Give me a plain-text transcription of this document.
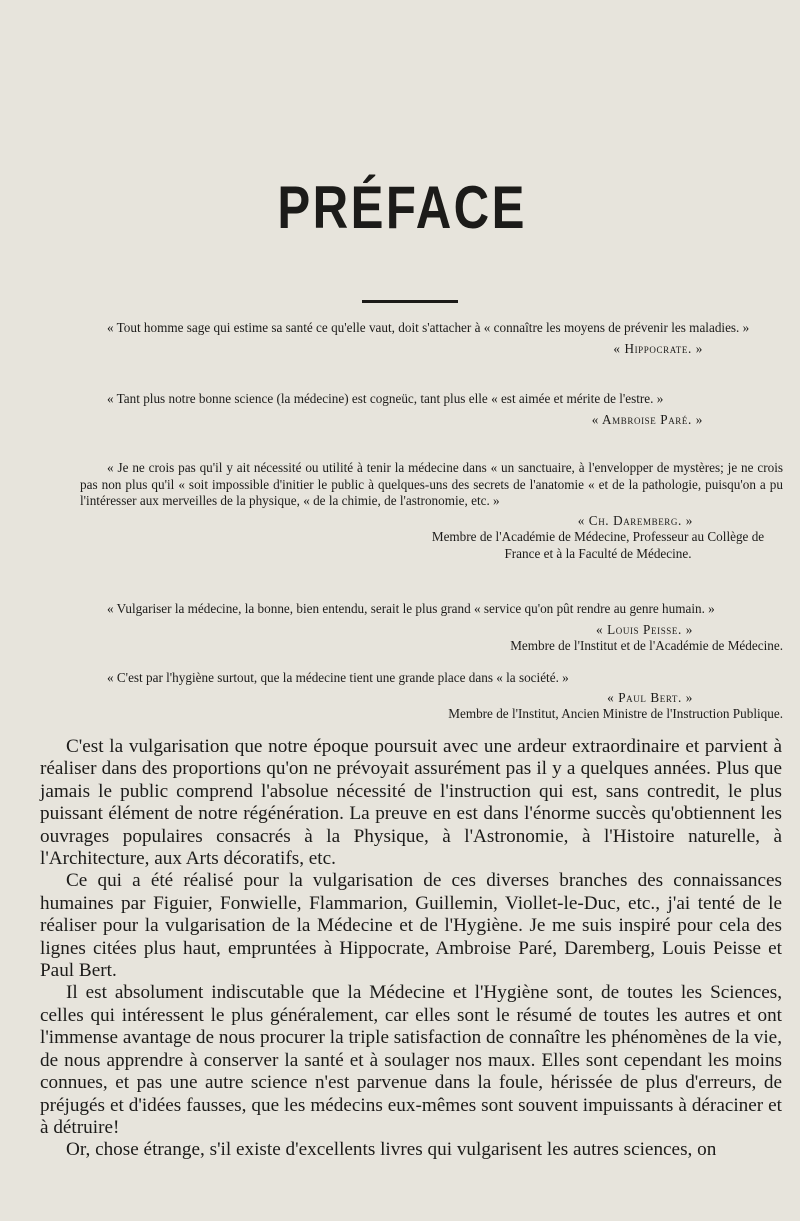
PRÉFACE

« Tout homme sage qui estime sa santé ce qu'elle vaut, doit s'attacher à « connaître les moyens de prévenir les maladies. »

« Hippocrate. »

« Tant plus notre bonne science (la médecine) est cogneüc, tant plus elle « est aimée et mérite de l'estre. »

« Ambroise Paré. »

« Je ne crois pas qu'il y ait nécessité ou utilité à tenir la médecine dans « un sanctuaire, à l'envelopper de mystères; je ne crois pas non plus qu'il « soit impossible d'initier le public à quelques-uns des secrets de l'anatomie « et de la pathologie, puisqu'on a pu l'intéresser aux merveilles de la physique, « de la chimie, de l'astronomie, etc. »

« Ch. Daremberg. »
Membre de l'Académie de Médecine, Professeur au Collège de France et à la Faculté de Médecine.

« Vulgariser la médecine, la bonne, bien entendu, serait le plus grand « service qu'on pût rendre au genre humain. »

« Louis Peisse. »
Membre de l'Institut et de l'Académie de Médecine.

« C'est par l'hygiène surtout, que la médecine tient une grande place dans « la société. »

« Paul Bert. »
Membre de l'Institut, Ancien Ministre de l'Instruction Publique.

C'est la vulgarisation que notre époque poursuit avec une ardeur extraordinaire et parvient à réaliser dans des proportions qu'on ne prévoyait assurément pas il y a quelques années. Plus que jamais le public comprend l'absolue nécessité de l'instruction qui est, sans contredit, le plus puissant élément de notre régénération. La preuve en est dans l'énorme succès qu'obtiennent les ouvrages populaires consacrés à la Physique, à l'Astronomie, à l'Histoire naturelle, à l'Architecture, aux Arts décoratifs, etc.

Ce qui a été réalisé pour la vulgarisation de ces diverses branches des connaissances humaines par Figuier, Fonwielle, Flammarion, Guillemin, Viollet-le-Duc, etc., j'ai tenté de le réaliser pour la vulgarisation de la Médecine et de l'Hygiène. Je me suis inspiré pour cela des lignes citées plus haut, empruntées à Hippocrate, Ambroise Paré, Daremberg, Louis Peisse et Paul Bert.

Il est absolument indiscutable que la Médecine et l'Hygiène sont, de toutes les Sciences, celles qui intéressent le plus généralement, car elles sont le résumé de toutes les autres et ont l'immense avantage de nous procurer la triple satisfaction de connaître les phénomènes de la vie, de nous apprendre à conserver la santé et à soulager nos maux. Elles sont cependant les moins connues, et pas une autre science n'est parvenue dans la foule, hérissée de plus d'erreurs, de préjugés et d'idées fausses, que les médecins eux-mêmes sont souvent impuissants à déraciner et à détruire!

Or, chose étrange, s'il existe d'excellents livres qui vulgarisent les autres sciences, on
